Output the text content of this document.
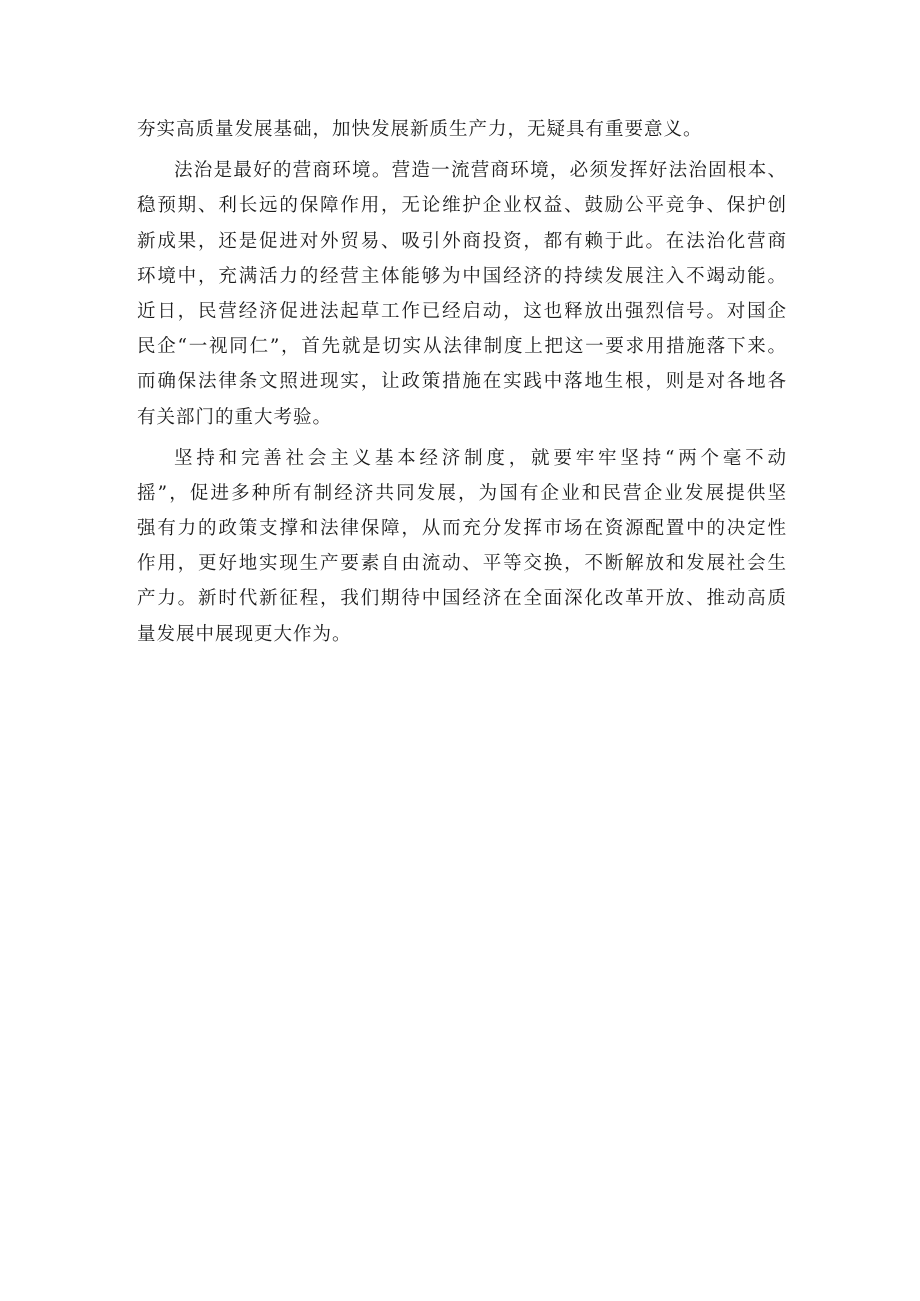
夯实高质量发展基础，加快发展新质生产力，无疑具有重要意义。
法治是最好的营商环境。营造一流营商环境，必须发挥好法治固根本、
稳预期、利长远的保障作用，无论维护企业权益、鼓励公平竞争、保护创
新成果，还是促进对外贸易、吸引外商投资，都有赖于此。在法治化营商
环境中，充满活力的经营主体能够为中国经济的持续发展注入不竭动能。
近日，民营经济促进法起草工作已经启动，这也释放出强烈信号。对国企
民企“一视同仁”，首先就是切实从法律制度上把这一要求用措施落下来。
而确保法律条文照进现实，让政策措施在实践中落地生根，则是对各地各
有关部门的重大考验。
坚持和完善社会主义基本经济制度，就要牢牢坚持“两个毫不动
摇”，促进多种所有制经济共同发展，为国有企业和民营企业发展提供坚
强有力的政策支撑和法律保障，从而充分发挥市场在资源配置中的决定性
作用，更好地实现生产要素自由流动、平等交换，不断解放和发展社会生
产力。新时代新征程，我们期待中国经济在全面深化改革开放、推动高质
量发展中展现更大作为。
